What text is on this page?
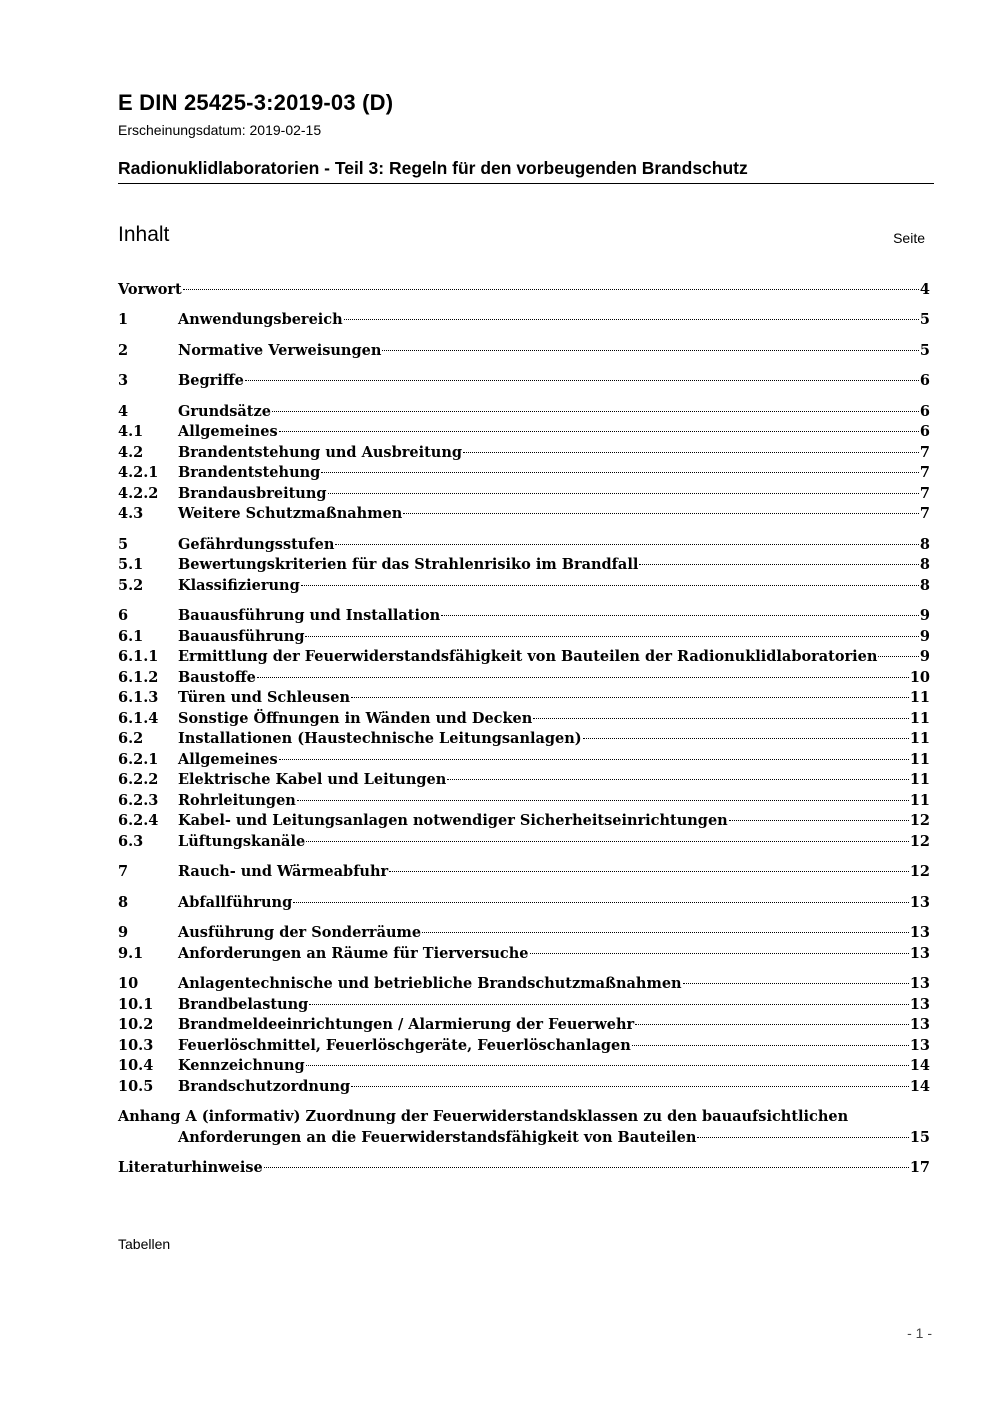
E DIN 25425-3:2019-03 (D)
Erscheinungsdatum: 2019-02-15
Radionuklidlaboratorien - Teil 3: Regeln für den vorbeugenden Brandschutz
Inhalt	Seite
Vorwort	4
1	Anwendungsbereich	5
2	Normative Verweisungen	5
3	Begriffe	6
4	Grundsätze	6
4.1 Allgemeines	6
4.2 Brandentstehung und Ausbreitung	7
4.2.1 Brandentstehung	7
4.2.2 Brandausbreitung	7
4.3 Weitere Schutzmaßnahmen	7
5	Gefährdungsstufen	8
5.1 Bewertungskriterien für das Strahlenrisiko im Brandfall	8
5.2 Klassifizierung	8
6	Bauausführung und Installation	9
6.1 Bauausführung	9
6.1.1 Ermittlung der Feuerwiderstandsfähigkeit von Bauteilen der Radionuklidlaboratorien	9
6.1.2 Baustoffe	10
6.1.3 Türen und Schleusen	11
6.1.4 Sonstige Öffnungen in Wänden und Decken	11
6.2 Installationen (Haustechnische Leitungsanlagen)	11
6.2.1 Allgemeines	11
6.2.2 Elektrische Kabel und Leitungen	11
6.2.3 Rohrleitungen	11
6.2.4 Kabel- und Leitungsanlagen notwendiger Sicherheitseinrichtungen	12
6.3 Lüftungskanäle	12
7	Rauch- und Wärmeabfuhr	12
8	Abfallführung	13
9	Ausführung der Sonderräume	13
9.1 Anforderungen an Räume für Tierversuche	13
10	Anlagentechnische und betriebliche Brandschutzmaßnahmen	13
10.1 Brandbelastung	13
10.2 Brandmeldeeinrichtungen / Alarmierung der Feuerwehr	13
10.3 Feuerlöschmittel, Feuerlöschgeräte, Feuerlöschanlagen	13
10.4 Kennzeichnung	14
10.5 Brandschutzordnung	14
Anhang A (informativ) Zuordnung der Feuerwiderstandsklassen zu den bauaufsichtlichen
Anforderungen an die Feuerwiderstandsfähigkeit von Bauteilen	15
Literaturhinweise	17
Tabellen
- 1 -
